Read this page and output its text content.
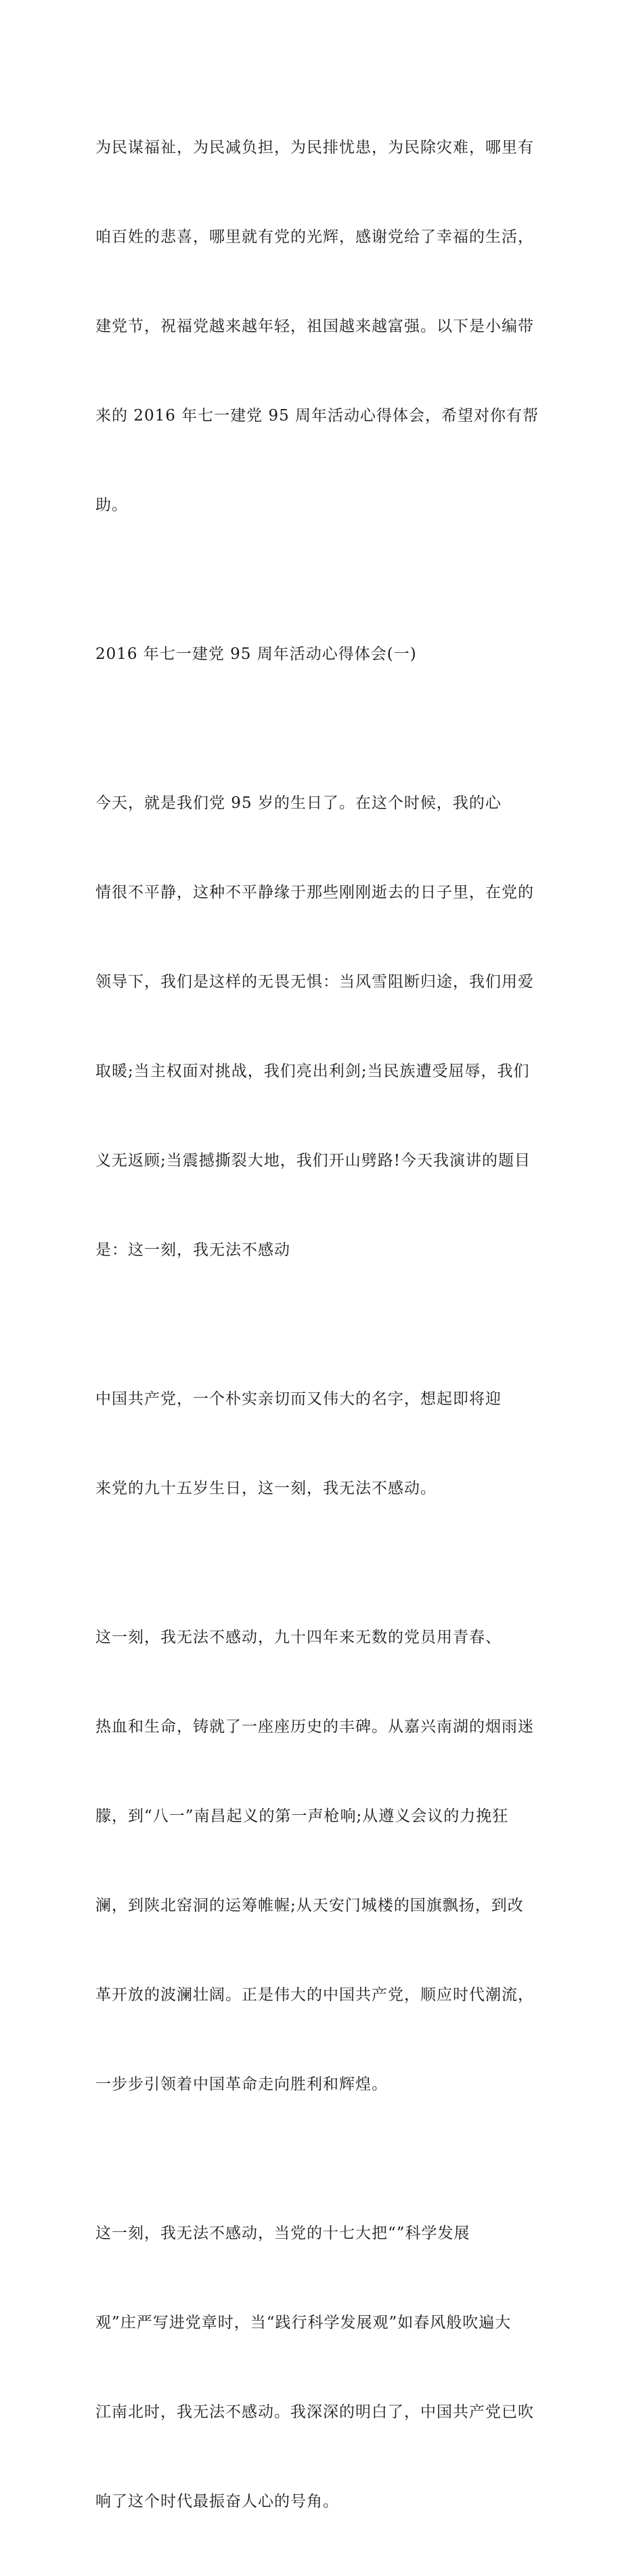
为民谋福祉，为民减负担，为民排忧患，为民除灾难，哪里有

咱百姓的悲喜，哪里就有党的光辉，感谢党给了幸福的生活，

建党节，祝福党越来越年轻，祖国越来越富强。以下是小编带

来的 2016 年七一建党 95 周年活动心得体会，希望对你有帮

助。

2016 年七一建党 95 周年活动心得体会(一)

今天，就是我们党 95 岁的生日了。在这个时候，我的心

情很不平静，这种不平静缘于那些刚刚逝去的日子里，在党的

领导下，我们是这样的无畏无惧：当风雪阻断归途，我们用爱

取暖;当主权面对挑战，我们亮出利剑;当民族遭受屈辱，我们

义无返顾;当震撼撕裂大地，我们开山劈路!今天我演讲的题目

是：这一刻，我无法不感动

中国共产党，一个朴实亲切而又伟大的名字，想起即将迎

来党的九十五岁生日，这一刻，我无法不感动。

这一刻，我无法不感动，九十四年来无数的党员用青春、

热血和生命，铸就了一座座历史的丰碑。从嘉兴南湖的烟雨迷

朦，到“八一”南昌起义的第一声枪响;从遵义会议的力挽狂

澜，到陕北窑洞的运筹帷幄;从天安门城楼的国旗飘扬，到改

革开放的波澜壮阔。正是伟大的中国共产党，顺应时代潮流，

一步步引领着中国革命走向胜利和辉煌。

这一刻，我无法不感动，当党的十七大把“”科学发展

观”庄严写进党章时，当“践行科学发展观”如春风般吹遍大

江南北时，我无法不感动。我深深的明白了，中国共产党已吹

响了这个时代最振奋人心的号角。
